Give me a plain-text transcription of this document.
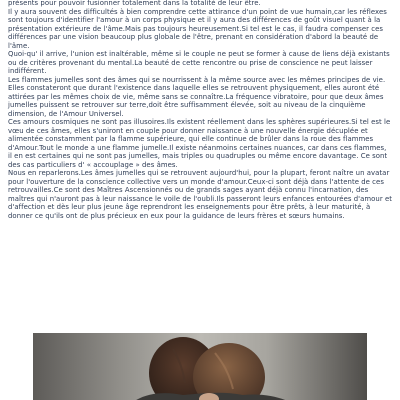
présents pour pouvoir fusionner totalement dans la totalité de leur être.

Il y aura souvent des difficultés à bien comprendre cette attirance d'un point de vue humain,car les réflexes sont toujours d'identifier l'amour à un corps physique et il y aura des différences de goût visuel quant à la présentation extérieure de l'âme.Mais pas toujours heureusement.Si tel est le cas, il faudra compenser ces différences par une vision beaucoup plus globale de l'être, prenant en considération d'abord la beauté de l'âme.

Quoi-qu' il arrive, l'union est inaltérable, même si le couple ne peut se former à cause de liens déjà existants ou de critères provenant du mental.La beauté de cette rencontre ou prise de conscience ne peut laisser indifférent.

Les flammes jumelles sont des âmes qui se nourrissent à la même source avec les mêmes principes de vie.

Elles constateront que durant l'existence dans laquelle elles se retrouvent physiquement, elles auront été attirées par les mêmes choix de vie, même sans se connaître.La fréquence vibratoire, pour que deux âmes jumelles puissent se retrouver sur terre,doit être suffisamment élevée, soit au niveau de la cinquième dimension, de l'Amour Universel.

Ces amours cosmiques ne sont pas illusoires.Ils existent réellement dans les sphères supérieures.Si tel est le vœu de ces âmes, elles s'uniront en couple pour donner naissance à une nouvelle énergie décuplée et alimentée constamment par la flamme supérieure, qui elle continue de brûler dans la roue des flammes d'Amour.Tout le monde a une flamme jumelle.Il existe néanmoins certaines nuances, car dans ces flammes, il en est certaines qui ne sont pas jumelles, mais triples ou quadruples ou même encore davantage. Ce sont des cas particuliers d' « accouplage » des âmes.

Nous en reparlerons.Les âmes jumelles qui se retrouvent aujourd'hui, pour la plupart, feront naître un avatar pour l'ouverture de la conscience collective vers un monde d'amour.Ceux-ci sont déjà dans l'attente de ces retrouvailles.Ce sont des Maîtres Ascensionnés ou de grands sages ayant déjà connu l'incarnation, des maîtres qui n'auront pas à leur naissance le voile de l'oubli.Ils passeront leurs enfances entourées d'amour et d'affection et dès leur plus jeune âge reprendront les enseignements pour être prêts, à leur maturité, à donner ce qu'ils ont de plus précieux en eux pour la guidance de leurs frères et sœurs humains.
